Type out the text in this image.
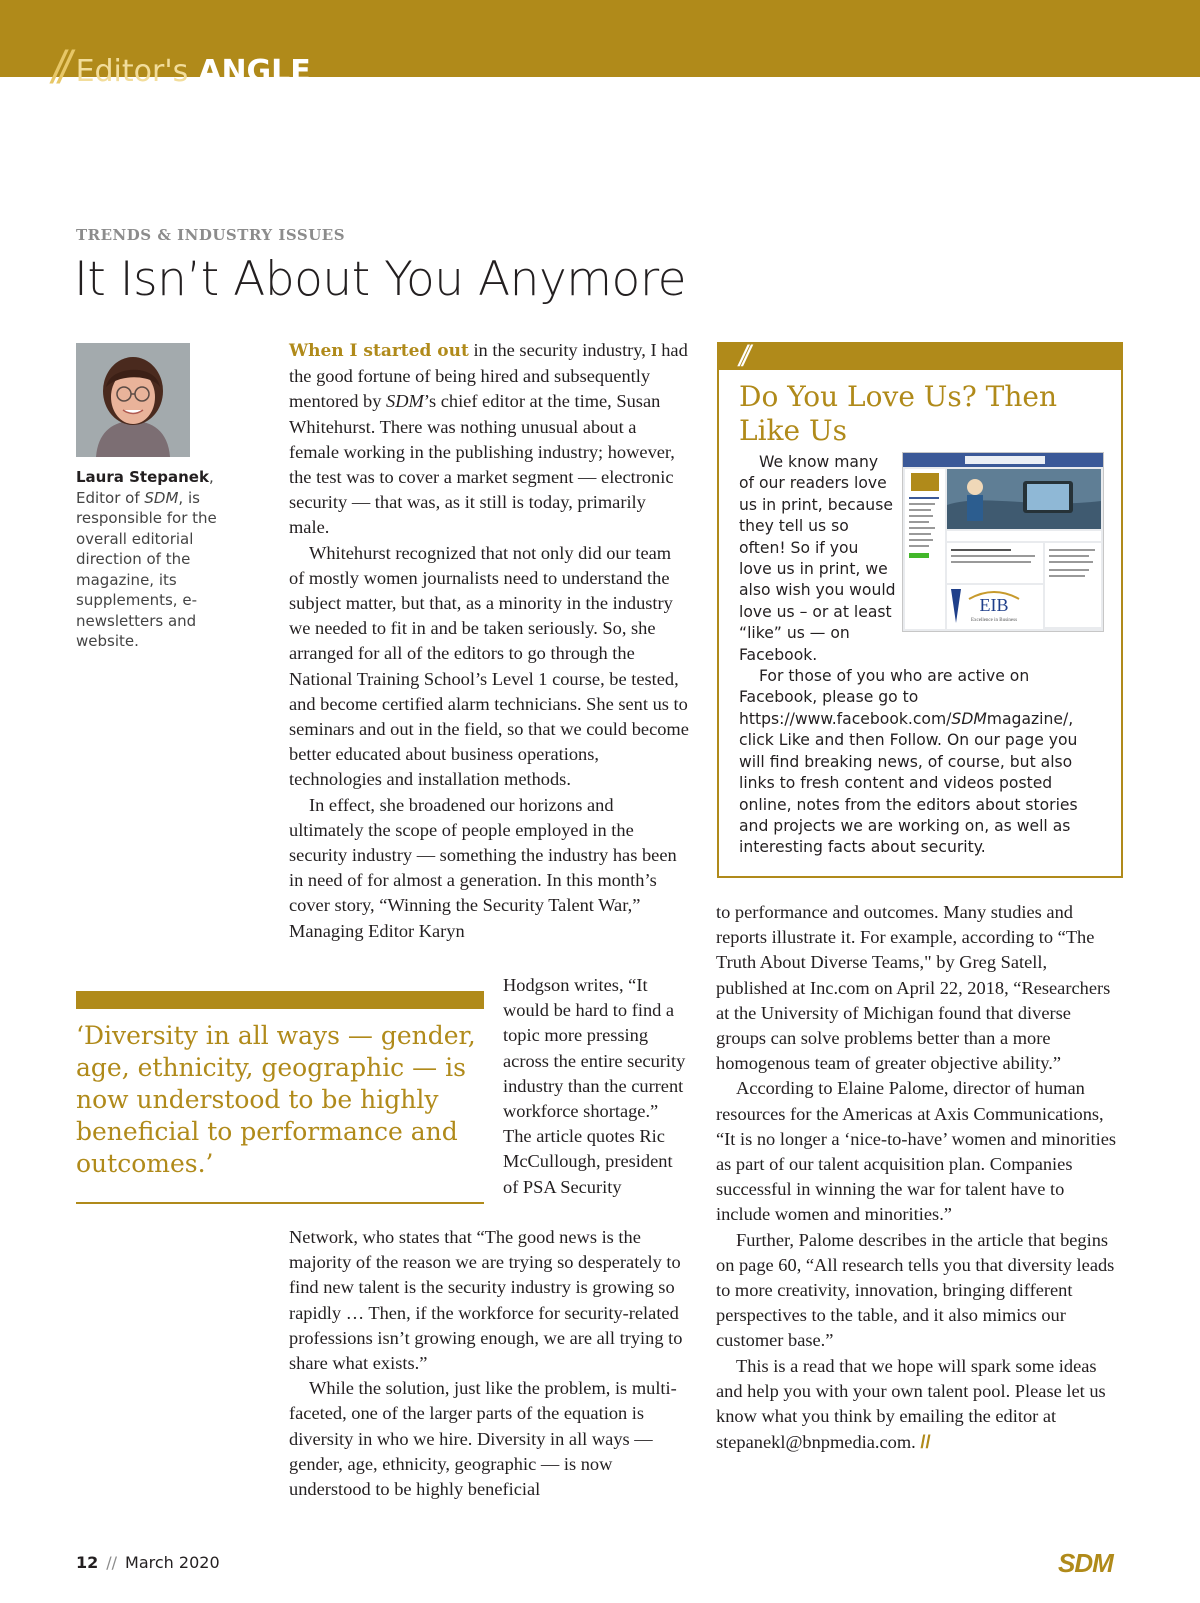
// Editor's ANGLE
TRENDS & INDUSTRY ISSUES
It Isn’t About You Anymore
Laura Stepanek, Editor of SDM, is responsible for the overall editorial direction of the magazine, its supplements, e-newsletters and website.

When I started out in the security industry, I had the good fortune of being hired and subsequently mentored by SDM’s chief editor at the time, Susan Whitehurst. There was nothing unusual about a female working in the publishing industry; however, the test was to cover a market segment — electronic security — that was, as it still is today, primarily male.

Whitehurst recognized that not only did our team of mostly women journalists need to understand the subject matter, but that, as a minority in the industry we needed to fit in and be taken seriously. So, she arranged for all of the editors to go through the National Training School’s Level 1 course, be tested, and become certified alarm technicians. She sent us to seminars and out in the field, so that we could become better educated about business operations, technologies and installation methods.

In effect, she broadened our horizons and ultimately the scope of people employed in the security industry — something the industry has been in need of for almost a generation. In this month’s cover story, “Winning the Security Talent War,” Managing Editor Karyn

‘Diversity in all ways — gender, age, ethnicity, geographic — is now understood to be highly beneficial to performance and outcomes.’

Hodgson writes, “It would be hard to find a topic more pressing across the entire security industry than the current workforce shortage.” The article quotes Ric McCullough, president of PSA Security

Network, who states that “The good news is the majority of the reason we are trying so desperately to find new talent is the security industry is growing so rapidly … Then, if the workforce for security-related professions isn’t growing enough, we are all trying to share what exists.”

While the solution, just like the problem, is multi-faceted, one of the larger parts of the equation is diversity in who we hire. Diversity in all ways — gender, age, ethnicity, geographic — is now understood to be highly beneficial

//
Do You Love Us? Then Like Us
EIB
Excellence in Business

We know many of our readers love us in print, because they tell us so often! So if you love us in print, we also wish you would love us – or at least “like” us — on Facebook.

For those of you who are active on Facebook, please go to https://www.facebook.com/SDMmagazine/, click Like and then Follow. On our page you will find breaking news, of course, but also links to fresh content and videos posted online, notes from the editors about stories and projects we are working on, as well as interesting facts about security.

to performance and outcomes. Many studies and reports illustrate it. For example, according to “The Truth About Diverse Teams," by Greg Satell, published at Inc.com on April 22, 2018, “Researchers at the University of Michigan found that diverse groups can solve problems better than a more homogenous team of greater objective ability.”

According to Elaine Palome, director of human resources for the Americas at Axis Communications, “It is no longer a ‘nice-to-have’ women and minorities as part of our talent acquisition plan. Companies successful in winning the war for talent have to include women and minorities.”

Further, Palome describes in the article that begins on page 60, “All research tells you that diversity leads to more creativity, innovation, bringing different perspectives to the table, and it also mimics our customer base.”

This is a read that we hope will spark some ideas and help you with your own talent pool. Please let us know what you think by emailing the editor at stepanekl@bnpmedia.com. //

12 // March 2020	SDM
